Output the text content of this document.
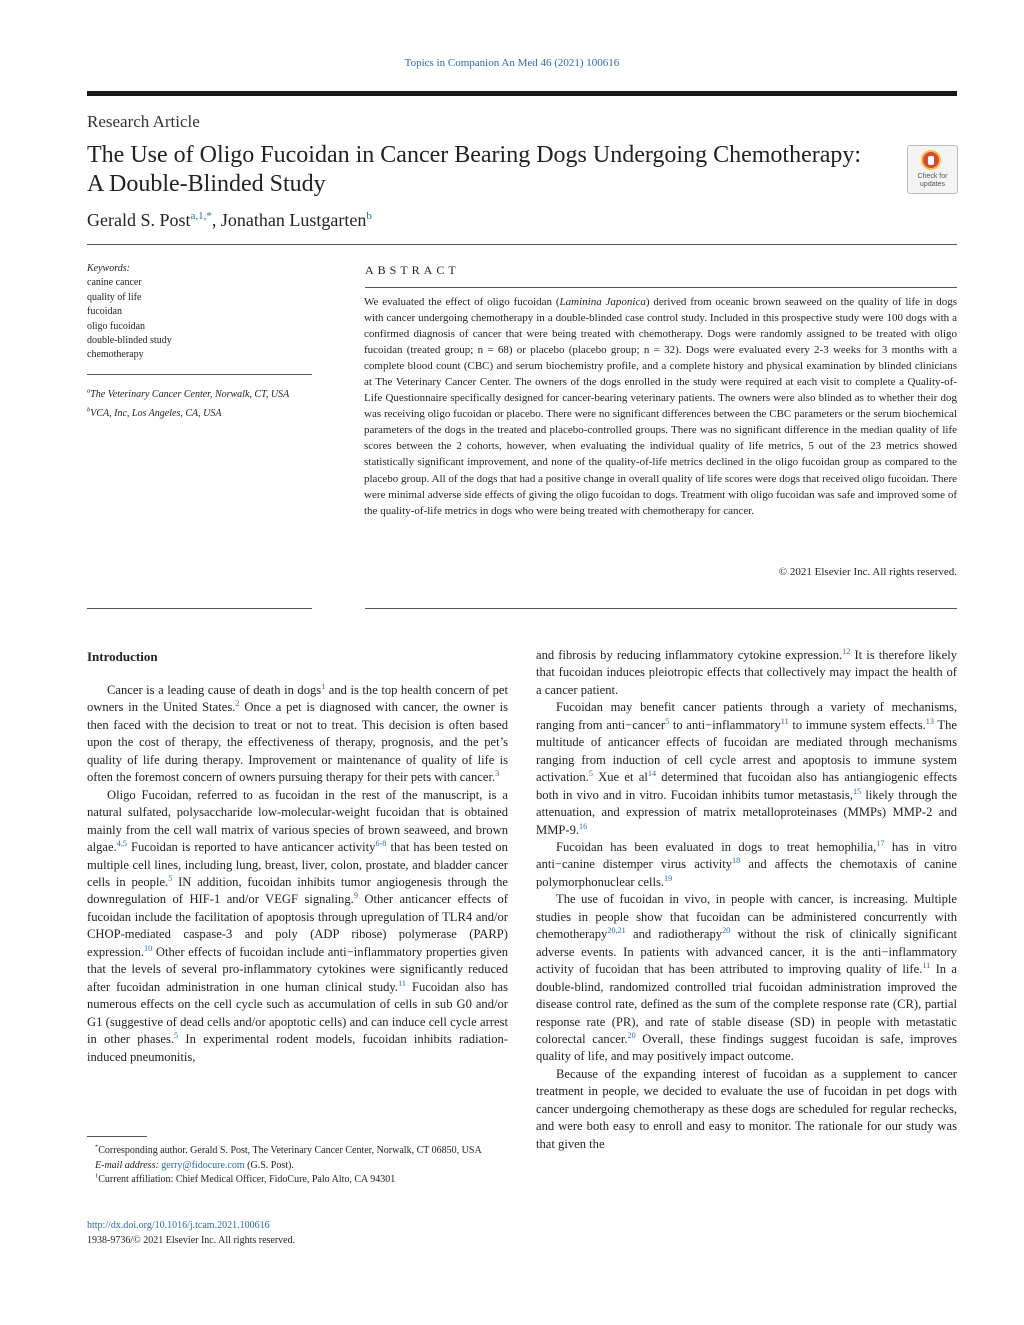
Topics in Companion An Med 46 (2021) 100616
Research Article
The Use of Oligo Fucoidan in Cancer Bearing Dogs Undergoing Chemotherapy:
A Double-Blinded Study	Check for
updates
Gerald S. Post$^{a,1,*}$, Jonathan Lustgarten$^b$
Keywords:
canine cancer
quality of life
fucoidan
oligo fucoidan
double-blinded study
chemotherapy
$^a$The Veterinary Cancer Center, Norwalk, CT, USA
$^b$VCA, Inc, Los Angeles, CA, USA
ABSTRACT
We evaluated the effect of oligo fucoidan (Laminina Japonica) derived from oceanic brown seaweed on the quality of life in dogs with cancer undergoing chemotherapy in a double-blinded case control study. Included in this prospective study were 100 dogs with a confirmed diagnosis of cancer that were being treated with chemotherapy. Dogs were randomly assigned to be treated with oligo fucoidan (treated group; n = 68) or placebo (placebo group; n = 32). Dogs were evaluated every 2-3 weeks for 3 months with a complete blood count (CBC) and serum biochemistry profile, and a complete history and physical examination by blinded clinicians at The Veterinary Cancer Center. The owners of the dogs enrolled in the study were required at each visit to complete a Quality-of-Life Questionnaire specifically designed for cancer-bearing veterinary patients. The owners were also blinded as to whether their dog was receiving oligo fucoidan or placebo. There were no significant differences between the CBC parameters or the serum biochemical parameters of the dogs in the treated and placebo-controlled groups. There was no significant difference in the median quality of life scores between the 2 cohorts, however, when evaluating the individual quality of life metrics, 5 out of the 23 metrics showed statistically significant improvement, and none of the quality-of-life metrics declined in the oligo fucoidan group as compared to the placebo group. All of the dogs that had a positive change in overall quality of life scores were dogs that received oligo fucoidan. There were minimal adverse side effects of giving the oligo fucoidan to dogs. Treatment with oligo fucoidan was safe and improved some of the quality-of-life metrics in dogs who were being treated with chemotherapy for cancer.
© 2021 Elsevier Inc. All rights reserved.
Introduction

Cancer is a leading cause of death in dogs$^1$ and is the top health concern of pet owners in the United States.$^2$ Once a pet is diagnosed with cancer, the owner is then faced with the decision to treat or not to treat. This decision is often based upon the cost of therapy, the effectiveness of therapy, prognosis, and the pet’s quality of life during therapy. Improvement or maintenance of quality of life is often the foremost concern of owners pursuing therapy for their pets with cancer.$^3$

Oligo Fucoidan, referred to as fucoidan in the rest of the manuscript, is a natural sulfated, polysaccharide low-molecular-weight fucoidan that is obtained mainly from the cell wall matrix of various species of brown seaweed, and brown algae.$^{4,5}$ Fucoidan is reported to have anticancer activity$^{6-8}$ that has been tested on multiple cell lines, including lung, breast, liver, colon, prostate, and bladder cancer cells in people.$^5$ IN addition, fucoidan inhibits tumor angiogenesis through the downregulation of HIF-1 and/or VEGF signaling.$^9$ Other anticancer effects of fucoidan include the facilitation of apoptosis through upregulation of TLR4 and/or CHOP-mediated caspase-3 and poly (ADP ribose) polymerase (PARP) expression.$^{10}$ Other effects of fucoidan include anti−inflammatory properties given that the levels of several pro-inflammatory cytokines were significantly reduced after fucoidan administration in one human clinical study.$^{11}$ Fucoidan also has numerous effects on the cell cycle such as accumulation of cells in sub G0 and/or G1 (suggestive of dead cells and/or apoptotic cells) and can induce cell cycle arrest in other phases.$^5$ In experimental rodent models, fucoidan inhibits radiation-induced pneumonitis,

and fibrosis by reducing inflammatory cytokine expression.$^{12}$ It is therefore likely that fucoidan induces pleiotropic effects that collectively may impact the health of a cancer patient.

Fucoidan may benefit cancer patients through a variety of mechanisms, ranging from anti−cancer$^5$ to anti−inflammatory$^{11}$ to immune system effects.$^{13}$ The multitude of anticancer effects of fucoidan are mediated through mechanisms ranging from induction of cell cycle arrest and apoptosis to immune system activation.$^5$ Xue et $al^{14}$ determined that fucoidan also has antiangiogenic effects both in vivo and in vitro. Fucoidan inhibits tumor metastasis,$^{15}$ likely through the attenuation, and expression of matrix metalloproteinases (MMPs) MMP-2 and MMP-9.16

Fucoidan has been evaluated in dogs to treat hemophilia,$^{17}$ has in vitro anti−canine distemper virus activity$^{18}$ and affects the chemotaxis of canine polymorphonuclear cells.$^{19}$

The use of fucoidan in vivo, in people with cancer, is increasing. Multiple studies in people show that fucoidan can be administered concurrently with chemotherapy$^{20,21}$ and radiotherapy$^{20}$ without the risk of clinically significant adverse events. In patients with advanced cancer, it is the anti−inflammatory activity of fucoidan that has been attributed to improving quality of life.$^{11}$ In a double-blind, randomized controlled trial fucoidan administration improved the disease control rate, defined as the sum of the complete response rate (CR), partial response rate (PR), and rate of stable disease (SD) in people with metastatic colorectal cancer.$^{20}$ Overall, these findings suggest fucoidan is safe, improves quality of life, and may positively impact outcome.

Because of the expanding interest of fucoidan as a supplement to cancer treatment in people, we decided to evaluate the use of fucoidan in pet dogs with cancer undergoing chemotherapy as these dogs are scheduled for regular rechecks, and were both easy to enroll and easy to monitor. The rationale for our study was that given the

*Corresponding author. Gerald S. Post, The Veterinary Cancer Center, Norwalk, CT 06850, USA

E-mail address: gerry@fidocure.com (G.S. Post).

$^1$Current affiliation: Chief Medical Officer, FidoCure, Palo Alto, CA 94301

http://dx.doi.org/10.1016/j.tcam.2021.100616
1938-9736/© 2021 Elsevier Inc. All rights reserved.
